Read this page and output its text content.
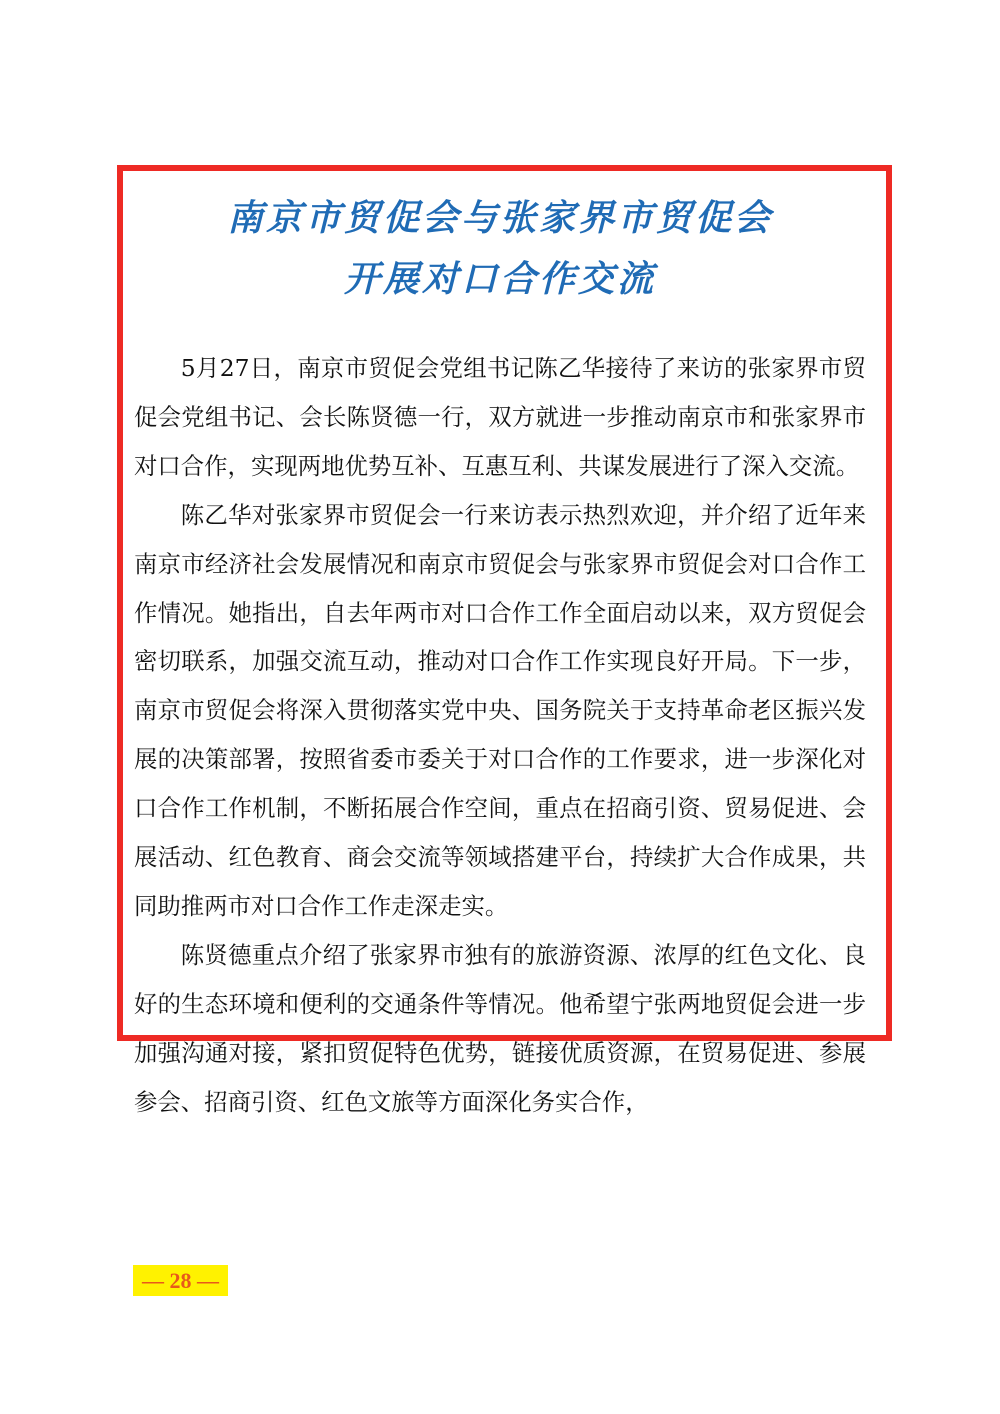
南京市贸促会与张家界市贸促会
开展对口合作交流

5月27日，南京市贸促会党组书记陈乙华接待了来访的张家界市贸促会党组书记、会长陈贤德一行，双方就进一步推动南京市和张家界市对口合作，实现两地优势互补、互惠互利、共谋发展进行了深入交流。

陈乙华对张家界市贸促会一行来访表示热烈欢迎，并介绍了近年来南京市经济社会发展情况和南京市贸促会与张家界市贸促会对口合作工作情况。她指出，自去年两市对口合作工作全面启动以来，双方贸促会密切联系，加强交流互动，推动对口合作工作实现良好开局。下一步，南京市贸促会将深入贯彻落实党中央、国务院关于支持革命老区振兴发展的决策部署，按照省委市委关于对口合作的工作要求，进一步深化对口合作工作机制，不断拓展合作空间，重点在招商引资、贸易促进、会展活动、红色教育、商会交流等领域搭建平台，持续扩大合作成果，共同助推两市对口合作工作走深走实。

陈贤德重点介绍了张家界市独有的旅游资源、浓厚的红色文化、良好的生态环境和便利的交通条件等情况。他希望宁张两地贸促会进一步加强沟通对接，紧扣贸促特色优势，链接优质资源，在贸易促进、参展参会、招商引资、红色文旅等方面深化务实合作，

— 28 —
